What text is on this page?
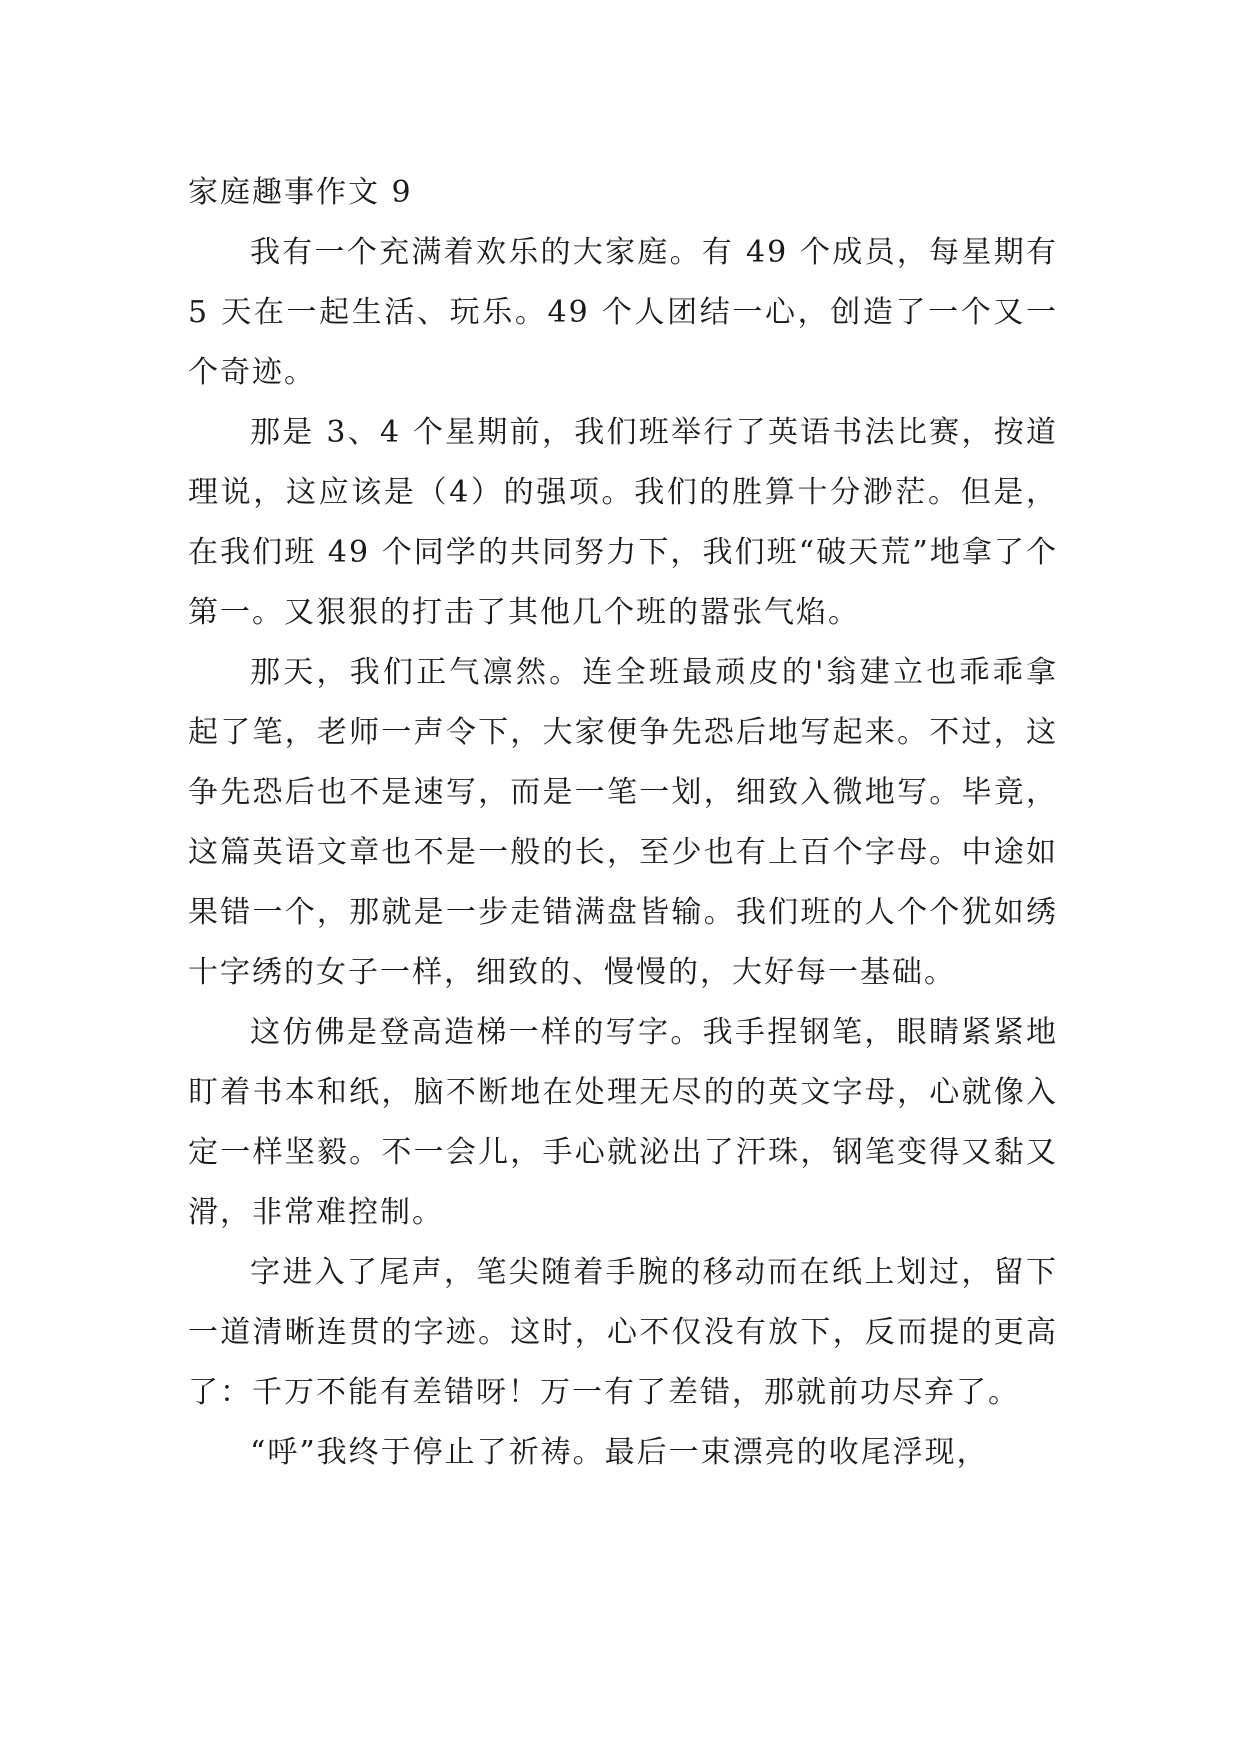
家庭趣事作文 9

我有一个充满着欢乐的大家庭。有 49 个成员，每星期有 5 天在一起生活、玩乐。49 个人团结一心，创造了一个又一个奇迹。

那是 3、4 个星期前，我们班举行了英语书法比赛，按道理说，这应该是（4）的强项。我们的胜算十分渺茫。但是，在我们班 49 个同学的共同努力下，我们班“破天荒”地拿了个第一。又狠狠的打击了其他几个班的嚣张气焰。

那天，我们正气凛然。连全班最顽皮的'翁建立也乖乖拿起了笔，老师一声令下，大家便争先恐后地写起来。不过，这争先恐后也不是速写，而是一笔一划，细致入微地写。毕竟，这篇英语文章也不是一般的长，至少也有上百个字母。中途如果错一个，那就是一步走错满盘皆输。我们班的人个个犹如绣十字绣的女子一样，细致的、慢慢的，大好每一基础。

这仿佛是登高造梯一样的写字。我手捏钢笔，眼睛紧紧地盯着书本和纸，脑不断地在处理无尽的的英文字母，心就像入定一样坚毅。不一会儿，手心就泌出了汗珠，钢笔变得又黏又滑，非常难控制。

字进入了尾声，笔尖随着手腕的移动而在纸上划过，留下一道清晰连贯的字迹。这时，心不仅没有放下，反而提的更高了：千万不能有差错呀！万一有了差错，那就前功尽弃了。

“呼”我终于停止了祈祷。最后一束漂亮的收尾浮现，
